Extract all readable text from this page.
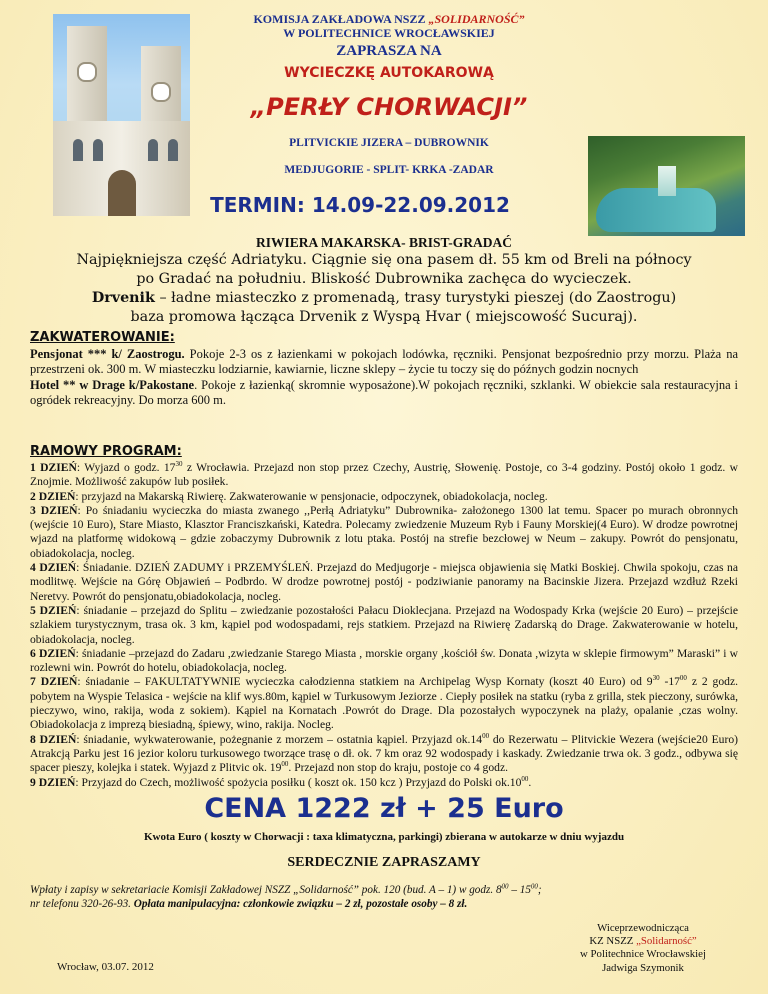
KOMISJA ZAKŁADOWA NSZZ „SOLIDARNOŚĆ”
W POLITECHNICE WROCŁAWSKIEJ
ZAPRASZA NA
WYCIECZKĘ AUTOKAROWĄ
„PERŁY CHORWACJI”
PLITVICKIE JIZERA – DUBROWNIK
MEDJUGORIE - SPLIT- KRKA -ZADAR
TERMIN: 14.09-22.09.2012
RIWIERA MAKARSKA- BRIST-GRADAĆ
Najpiękniejsza część Adriatyku. Ciągnie się ona pasem dł. 55 km od Breli na północy
po Gradać na południu. Bliskość Dubrownika zachęca do wycieczek.
Drvenik – ładne miasteczko z promenadą, trasy turystyki pieszej (do Zaostrogu)
baza promowa łącząca Drvenik z Wyspą Hvar ( miejscowość Sucuraj).
ZAKWATEROWANIE:
Pensjonat *** k/ Zaostrogu. Pokoje 2-3 os z łazienkami w pokojach lodówka, ręczniki. Pensjonat bezpośrednio przy morzu. Plaża na przestrzeni ok. 300 m. W miasteczku lodziarnie, kawiarnie, liczne sklepy – życie tu toczy się do późnych godzin nocnych
Hotel ** w Drage k/Pakostane. Pokoje z łazienką( skromnie wyposażone).W pokojach ręczniki, szklanki. W obiekcie sala restauracyjna i ogródek rekreacyjny. Do morza 600 m.
RAMOWY PROGRAM:
1 DZIEŃ: Wyjazd o godz. $17^{30}$ z Wrocławia. Przejazd non stop przez Czechy, Austrię, Słowenię. Postoje, co 3-4 godziny. Postój około 1 godz. w Znojmie. Możliwość zakupów lub posiłek.
2 DZIEŃ: przyjazd na Makarską Riwierę. Zakwaterowanie w pensjonacie, odpoczynek, obiadokolacja, nocleg.
3 DZIEŃ: Po śniadaniu wycieczka do miasta zwanego ,,Perłą Adriatyku” Dubrownika- założonego 1300 lat temu. Spacer po murach obronnych (wejście 10 Euro), Stare Miasto, Klasztor Franciszkański, Katedra. Polecamy zwiedzenie Muzeum Ryb i Fauny Morskiej(4 Euro). W drodze powrotnej wjazd na platformę widokową – gdzie zobaczymy Dubrownik z lotu ptaka. Postój na strefie bezcłowej w Neum – zakupy. Powrót do pensjonatu, obiadokolacja, nocleg.
4 DZIEŃ: Śniadanie. DZIEŃ ZADUMY i PRZEMYŚLEŃ. Przejazd do Medjugorje - miejsca objawienia się Matki Boskiej. Chwila spokoju, czas na modlitwę. Wejście na Górę Objawień – Podbrdo. W drodze powrotnej postój - podziwianie panoramy na Bacinskie Jizera. Przejazd wzdłuż Rzeki Neretvy. Powrót do pensjonatu,obiadokolacja, nocleg.
5 DZIEŃ: śniadanie – przejazd do Splitu – zwiedzanie pozostałości Pałacu Dioklecjana. Przejazd na Wodospady Krka (wejście 20 Euro) – przejście szlakiem turystycznym, trasa ok. 3 km, kąpiel pod wodospadami, rejs statkiem. Przejazd na Riwierę Zadarską do Drage. Zakwaterowanie w hotelu, obiadokolacja, nocleg.
6 DZIEŃ: śniadanie –przejazd do Zadaru ,zwiedzanie Starego Miasta , morskie organy ,kościół św. Donata ,wizyta w sklepie firmowym” Maraski” i w rozlewni win. Powrót do hotelu, obiadokolacja, nocleg.
7 DZIEŃ: śniadanie – FAKULTATYWNIE wycieczka całodzienna statkiem na Archipelag Wysp Kornaty (koszt 40 Euro) od $9^{30}$ $-17^{00}$ z 2 godz. pobytem na Wyspie Telasica - wejście na klif wys.80m, kąpiel w Turkusowym Jeziorze . Ciepły posiłek na statku (ryba z grilla, stek pieczony, surówka, pieczywo, wino, rakija, woda z sokiem). Kąpiel na Kornatach .Powrót do Drage. Dla pozostałych wypoczynek na plaży, opalanie ,czas wolny. Obiadokolacja z imprezą biesiadną, śpiewy, wino, rakija. Nocleg.
8 DZIEŃ: śniadanie, wykwaterowanie, pożegnanie z morzem – ostatnia kąpiel. Przyjazd $ok.14^{00}$ do Rezerwatu – Plitvickie Wezera (wejście20 Euro) Atrakcją Parku jest 16 jezior koloru turkusowego tworzące trasę o dł. ok. 7 km oraz 92 wodospady i kaskady. Zwiedzanie trwa ok. 3 godz., odbywa się spacer pieszy, kolejka i statek. Wyjazd z Plitvic ok. $19^{00}$. Przejazd non stop do kraju, postoje co 4 godz.
9 DZIEŃ: Przyjazd do Czech, możliwość spożycia posiłku ( koszt ok. 150 kcz ) Przyjazd do Polski $ok.10^{00}$.
CENA 1222 zł + 25 Euro
Kwota Euro ( koszty w Chorwacji : taxa klimatyczna, parkingi) zbierana w autokarze w dniu wyjazdu
SERDECZNIE ZAPRASZAMY
Wpłaty i zapisy w sekretariacie Komisji Zakładowej NSZZ „Solidarność” pok. 120 (bud. A – 1) w godz. $8^{00} - 15^{00}$;
nr telefonu 320-26-93. Opłata manipulacyjna: członkowie związku – 2 zł, pozostałe osoby – 8 zł.
Wrocław, 03.07. 2012
Wiceprzewodnicząca
KZ NSZZ „Solidarność”
w Politechnice Wrocławskiej
Jadwiga Szymonik
